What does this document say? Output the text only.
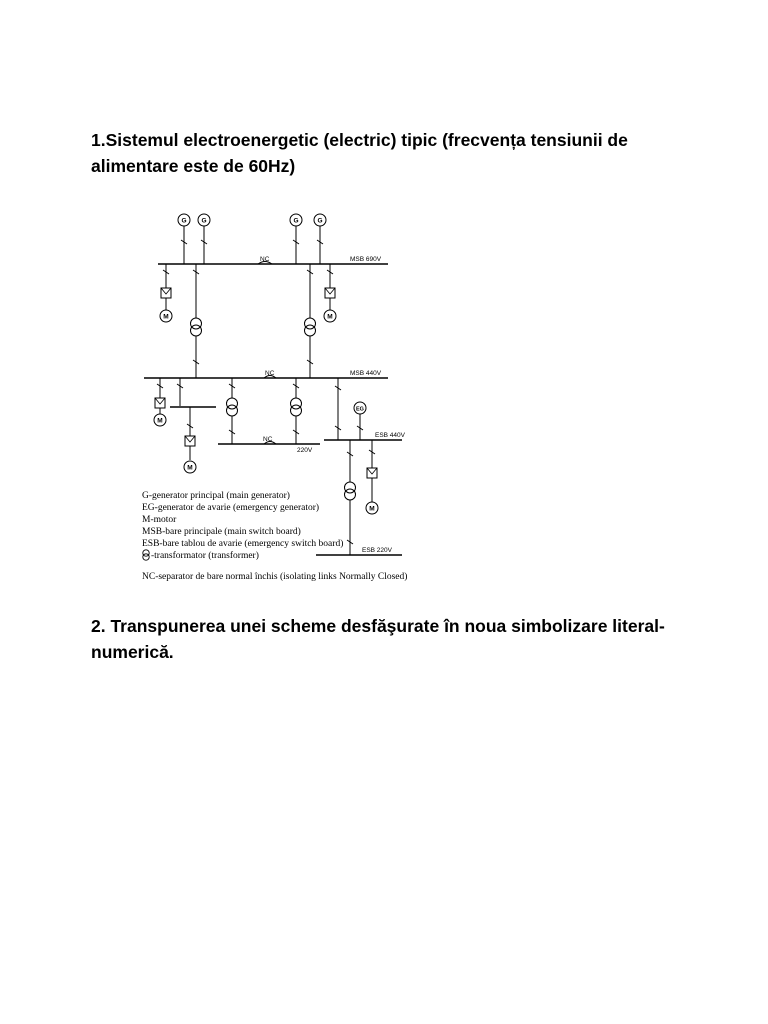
1.Sistemul electroenergetic (electric) tipic (frecvența tensiunii de alimentare este de 60Hz)
G G	G	G
EG
M	M
M
M
M
NC	MSB 690V
NC	MSB 440V
ESB 440V
NC
220V
ESB 220V
G-generator principal (main generator)
EG-generator de avarie (emergency generator)
M-motor
MSB-bare principale (main switch board)
ESB-bare tablou de avarie (emergency switch board)
-transformator (transformer)
NC-separator de bare normal închis (isolating links Normally Closed)
2. Transpunerea unei scheme desfăşurate în noua simbolizare literal-numerică.
